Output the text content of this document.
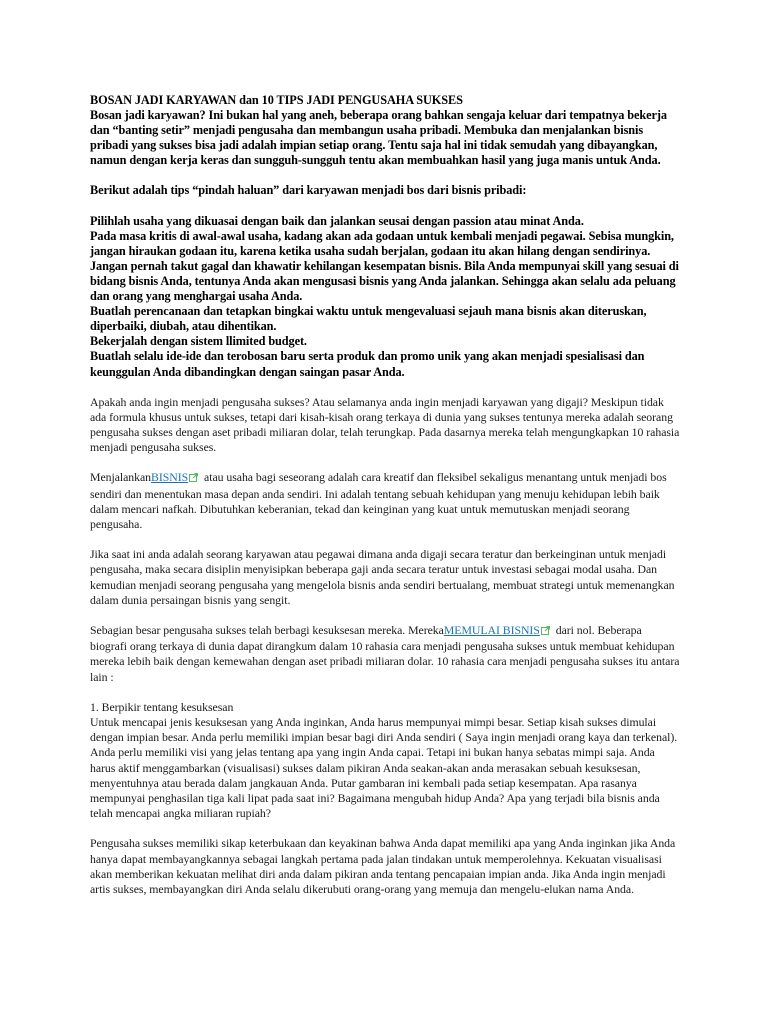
BOSAN JADI KARYAWAN dan 10 TIPS JADI PENGUSAHA SUKSES

Bosan jadi karyawan? Ini bukan hal yang aneh, beberapa orang bahkan sengaja keluar dari tempatnya bekerja dan “banting setir” menjadi pengusaha dan membangun usaha pribadi. Membuka dan menjalankan bisnis pribadi yang sukses bisa jadi adalah impian setiap orang. Tentu saja hal ini tidak semudah yang dibayangkan, namun dengan kerja keras dan sungguh-sungguh tentu akan membuahkan hasil yang juga manis untuk Anda.

Berikut adalah tips “pindah haluan” dari karyawan menjadi bos dari bisnis pribadi:

Pilihlah usaha yang dikuasai dengan baik dan jalankan seusai dengan passion atau minat Anda.

Pada masa kritis di awal-awal usaha, kadang akan ada godaan untuk kembali menjadi pegawai. Sebisa mungkin, jangan hiraukan godaan itu, karena ketika usaha sudah berjalan, godaan itu akan hilang dengan sendirinya.

Jangan pernah takut gagal dan khawatir kehilangan kesempatan bisnis. Bila Anda mempunyai skill yang sesuai di bidang bisnis Anda, tentunya Anda akan mengusasi bisnis yang Anda jalankan. Sehingga akan selalu ada peluang dan orang yang menghargai usaha Anda.

Buatlah perencanaan dan tetapkan bingkai waktu untuk mengevaluasi sejauh mana bisnis akan diteruskan, diperbaiki, diubah, atau dihentikan.

Bekerjalah dengan sistem llimited budget.

Buatlah selalu ide-ide dan terobosan baru serta produk dan promo unik yang akan menjadi spesialisasi dan keunggulan Anda dibandingkan dengan saingan pasar Anda.

Apakah anda ingin menjadi pengusaha sukses? Atau selamanya anda ingin menjadi karyawan yang digaji? Meskipun tidak ada formula khusus untuk sukses, tetapi dari kisah-kisah orang terkaya di dunia yang sukses tentunya mereka adalah seorang pengusaha sukses dengan aset pribadi miliaran dolar, telah terungkap. Pada dasarnya mereka telah mengungkapkan 10 rahasia menjadi pengusaha sukses.

MenjalankanBISNIS atau usaha bagi seseorang adalah cara kreatif dan fleksibel sekaligus menantang untuk menjadi bos sendiri dan menentukan masa depan anda sendiri. Ini adalah tentang sebuah kehidupan yang menuju kehidupan lebih baik dalam mencari nafkah. Dibutuhkan keberanian, tekad dan keinginan yang kuat untuk memutuskan menjadi seorang pengusaha.

Jika saat ini anda adalah seorang karyawan atau pegawai dimana anda digaji secara teratur dan berkeinginan untuk menjadi pengusaha, maka secara disiplin menyisipkan beberapa gaji anda secara teratur untuk investasi sebagai modal usaha. Dan kemudian menjadi seorang pengusaha yang mengelola bisnis anda sendiri bertualang, membuat strategi untuk memenangkan dalam dunia persaingan bisnis yang sengit.

Sebagian besar pengusaha sukses telah berbagi kesuksesan mereka. MerekaMEMULAI BISNIS dari nol. Beberapa biografi orang terkaya di dunia dapat dirangkum dalam 10 rahasia cara menjadi pengusaha sukses untuk membuat kehidupan mereka lebih baik dengan kemewahan dengan aset pribadi miliaran dolar. 10 rahasia cara menjadi pengusaha sukses itu antara lain :

1. Berpikir tentang kesuksesan

Untuk mencapai jenis kesuksesan yang Anda inginkan, Anda harus mempunyai mimpi besar. Setiap kisah sukses dimulai dengan impian besar. Anda perlu memiliki impian besar bagi diri Anda sendiri ( Saya ingin menjadi orang kaya dan terkenal). Anda perlu memiliki visi yang jelas tentang apa yang ingin Anda capai. Tetapi ini bukan hanya sebatas mimpi saja. Anda harus aktif menggambarkan (visualisasi) sukses dalam pikiran Anda seakan-akan anda merasakan sebuah kesuksesan, menyentuhnya atau berada dalam jangkauan Anda. Putar gambaran ini kembali pada setiap kesempatan. Apa rasanya mempunyai penghasilan tiga kali lipat pada saat ini? Bagaimana mengubah hidup Anda? Apa yang terjadi bila bisnis anda telah mencapai angka miliaran rupiah?

Pengusaha sukses memiliki sikap keterbukaan dan keyakinan bahwa Anda dapat memiliki apa yang Anda inginkan jika Anda hanya dapat membayangkannya sebagai langkah pertama pada jalan tindakan untuk memperolehnya. Kekuatan visualisasi akan memberikan kekuatan melihat diri anda dalam pikiran anda tentang pencapaian impian anda. Jika Anda ingin menjadi artis sukses, membayangkan diri Anda selalu dikerubuti orang-orang yang memuja dan mengelu-elukan nama Anda.
